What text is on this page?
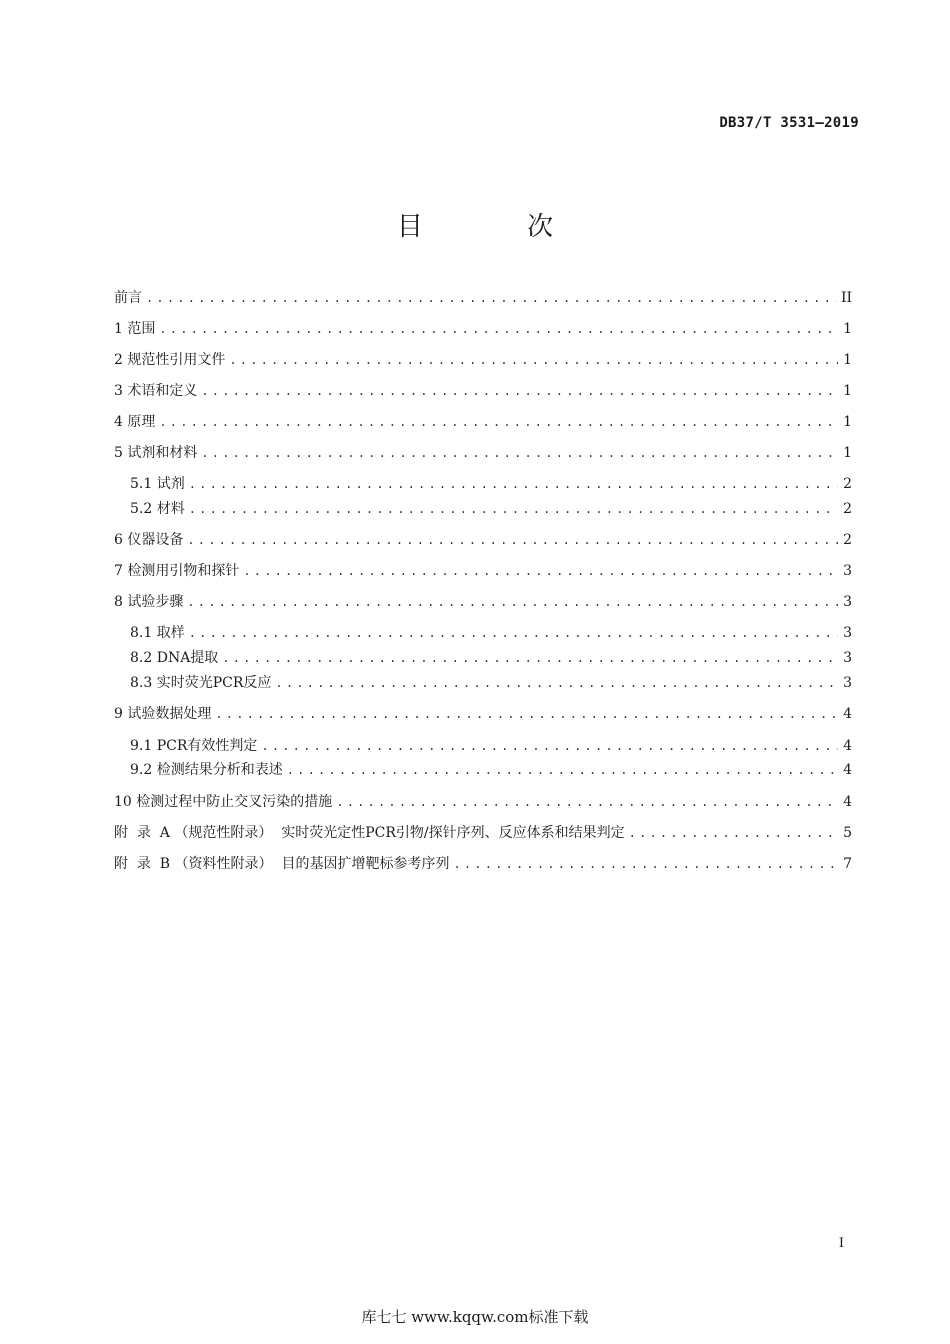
DB37/T 3531—2019
目 次
前言 .....	II
1 范围 .....	1
2 规范性引用文件 .....	1
3 术语和定义 .....	1
4 原理 .....	1
5 试剂和材料 .....	1
5.1 试剂 .....	2
5.2 材料 .....	2
6 仪器设备 .....	2
7 检测用引物和探针 .....	3
8 试验步骤 .....	3
8.1 取样 .....	3
8.2 DNA提取 .....	3
8.3 实时荧光PCR反应 .....	3
9 试验数据处理 .....	4
9.1 PCR有效性判定 .....	4
9.2 检测结果分析和表述 .....	4
10 检测过程中防止交叉污染的措施 .....	4
附  录  A （规范性附录）  实时荧光定性PCR引物/探针序列、反应体系和结果判定 .....	5
附  录  B （资料性附录）  目的基因扩增靶标参考序列 .....	7
I
库七七 www.kqqw.com标准下载
